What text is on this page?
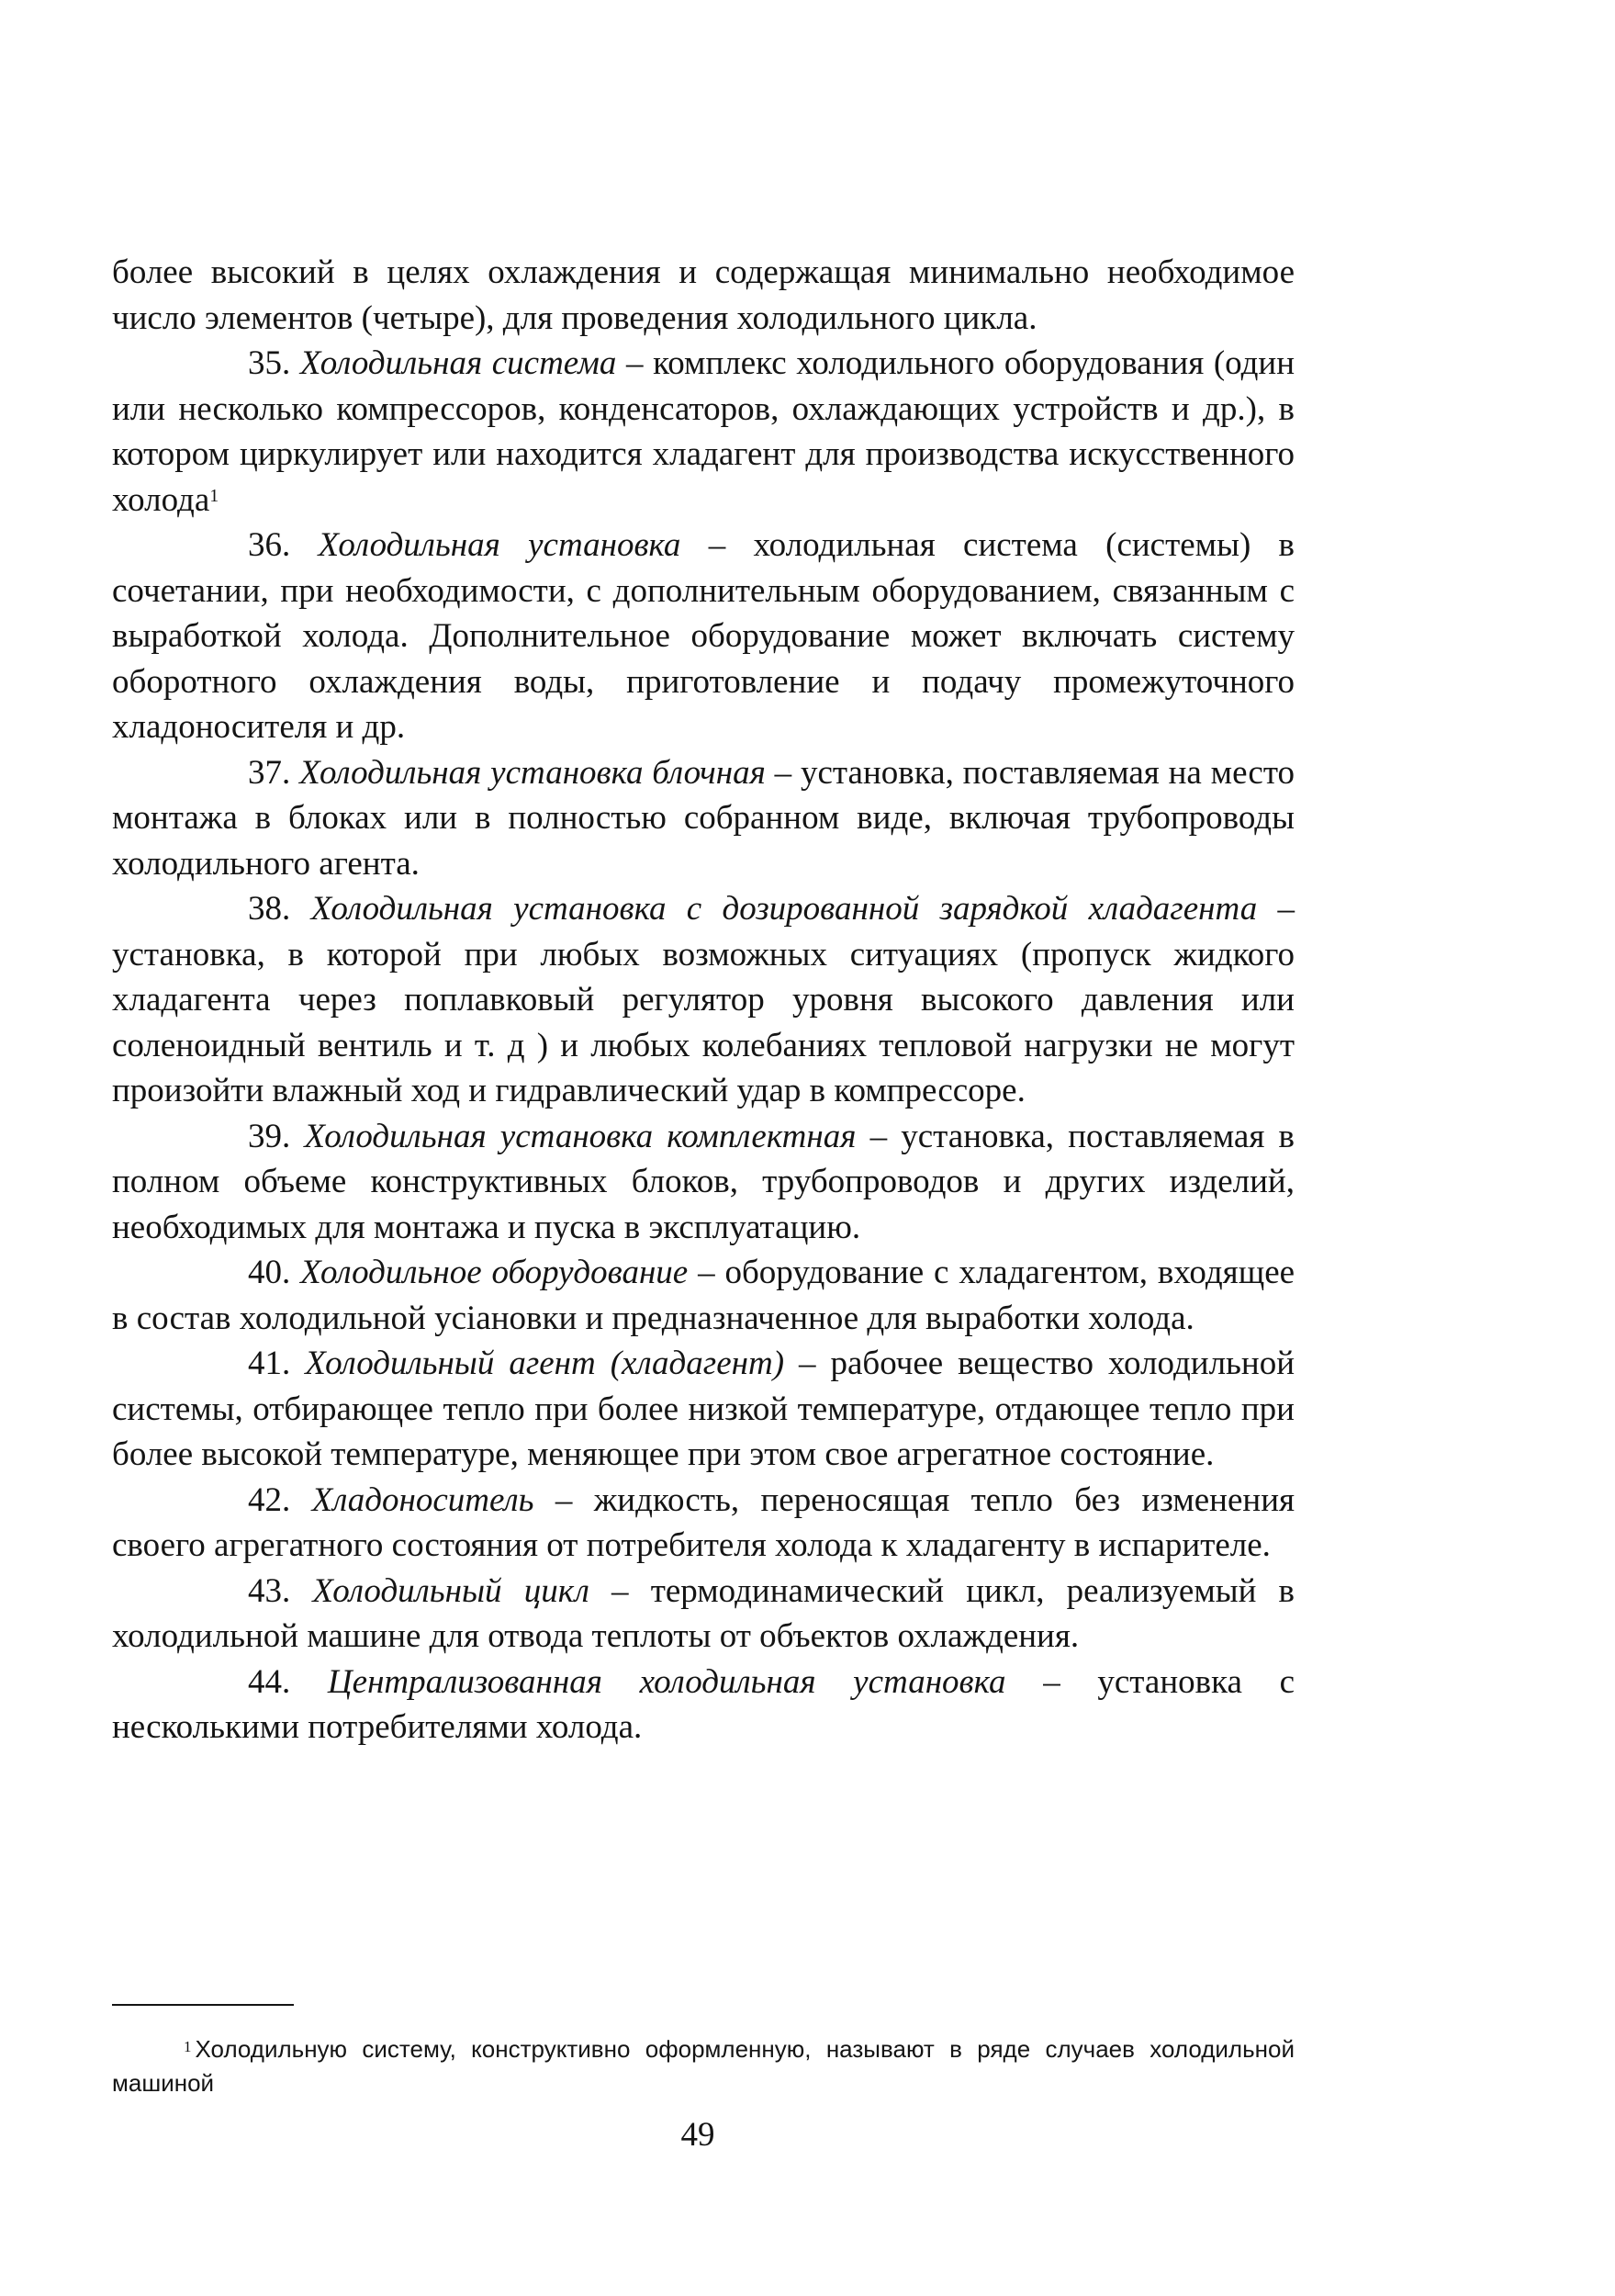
более высокий в целях охлаждения и содержащая минимально необходимое число элементов (четыре), для проведения холодильного цикла.

35. Холодильная система – комплекс холодильного оборудования (один или несколько компрессоров, конденсаторов, охлаждающих устройств и др.), в котором циркулирует или находится хладагент для производства искусственного холода$^1$

36. Холодильная установка – холодильная система (системы) в сочетании, при необходимости, с дополнительным оборудованием, связанным с выработкой холода. Дополнительное оборудование может включать систему оборотного охлаждения воды, приготовление и подачу промежуточного хладоносителя и др.

37. Холодильная установка блочная – установка, поставляемая на место монтажа в блоках или в полностью собранном виде, включая трубопроводы холодильного агента.

38. Холодильная установка с дозированной зарядкой хладагента – установка, в которой при любых возможных ситуациях (пропуск жидкого хладагента через поплавковый регулятор уровня высокого давления или соленоидный вентиль и т. д ) и любых колебаниях тепловой нагрузки не могут произойти влажный ход и гидравлический удар в компрессоре.

39. Холодильная установка комплектная – установка, поставляемая в полном объеме конструктивных блоков, трубопроводов и других изделий, необходимых для монтажа и пуска в эксплуатацию.

40. Холодильное оборудование – оборудование с хладагентом, входящее в состав холодильной уciановки и предназначенное для выработки холода.

41. Холодильный агент (хладагент) – рабочее вещество холодильной системы, отбирающее тепло при более низкой температуре, отдающее тепло при более высокой температуре, меняющее при этом свое агрегатное состояние.

42. Хладоноситель – жидкость, переносящая тепло без изменения своего агрегатного состояния от потребителя холода к хладагенту в испарителе.

43. Холодильный цикл – термодинамический цикл, реализуемый в холодильной машине для отвода теплоты от объектов охлаждения.

44. Централизованная холодильная установка – установка с несколькими потребителями холода.

$^1$ Холодильную систему, конструктивно оформленную, называют в ряде случаев холодильной машиной
49
